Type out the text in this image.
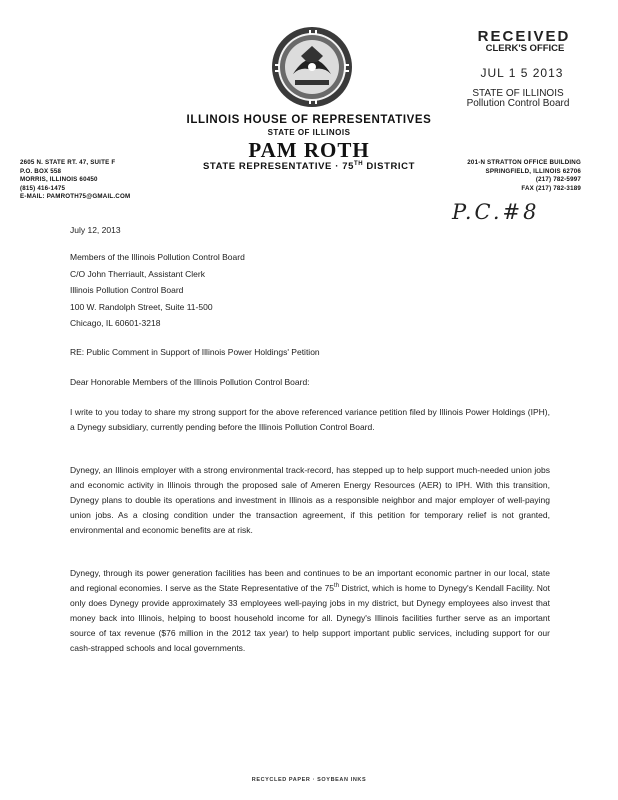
RECEIVED
CLERK'S OFFICE
JUL 1 5 2013
STATE OF ILLINOIS
Pollution Control Board
ILLINOIS HOUSE OF REPRESENTATIVES
STATE OF ILLINOIS
PAM ROTH
STATE REPRESENTATIVE · 75TH DISTRICT
2605 N. STATE RT. 47, SUITE F
P.O. BOX 558
MORRIS, ILLINOIS 60450
(815) 416-1475
E-MAIL: PAMROTH75@GMAIL.COM
201-N STRATTON OFFICE BUILDING
SPRINGFIELD, ILLINOIS 62706
(217) 782-5997
FAX (217) 782-3189
P.C.#8
July 12, 2013
Members of the Illinois Pollution Control Board
C/O John Therriault, Assistant Clerk
Illinois Pollution Control Board
100 W. Randolph Street, Suite 11-500
Chicago, IL 60601-3218
RE: Public Comment in Support of Illinois Power Holdings' Petition
Dear Honorable Members of the Illinois Pollution Control Board:
I write to you today to share my strong support for the above referenced variance petition filed by Illinois Power Holdings (IPH), a Dynegy subsidiary, currently pending before the Illinois Pollution Control Board.
Dynegy, an Illinois employer with a strong environmental track-record, has stepped up to help support much-needed union jobs and economic activity in Illinois through the proposed sale of Ameren Energy Resources (AER) to IPH. With this transition, Dynegy plans to double its operations and investment in Illinois as a responsible neighbor and major employer of well-paying union jobs. As a closing condition under the transaction agreement, if this petition for temporary relief is not granted, environmental and economic benefits are at risk.
Dynegy, through its power generation facilities has been and continues to be an important economic partner in our local, state and regional economies. I serve as the State Representative of the 75th District, which is home to Dynegy's Kendall Facility. Not only does Dynegy provide approximately 33 employees well-paying jobs in my district, but Dynegy employees also invest that money back into Illinois, helping to boost household income for all. Dynegy's Illinois facilities further serve as an important source of tax revenue ($76 million in the 2012 tax year) to help support important public services, including support for our cash-strapped schools and local governments.
RECYCLED PAPER · SOYBEAN INKS
